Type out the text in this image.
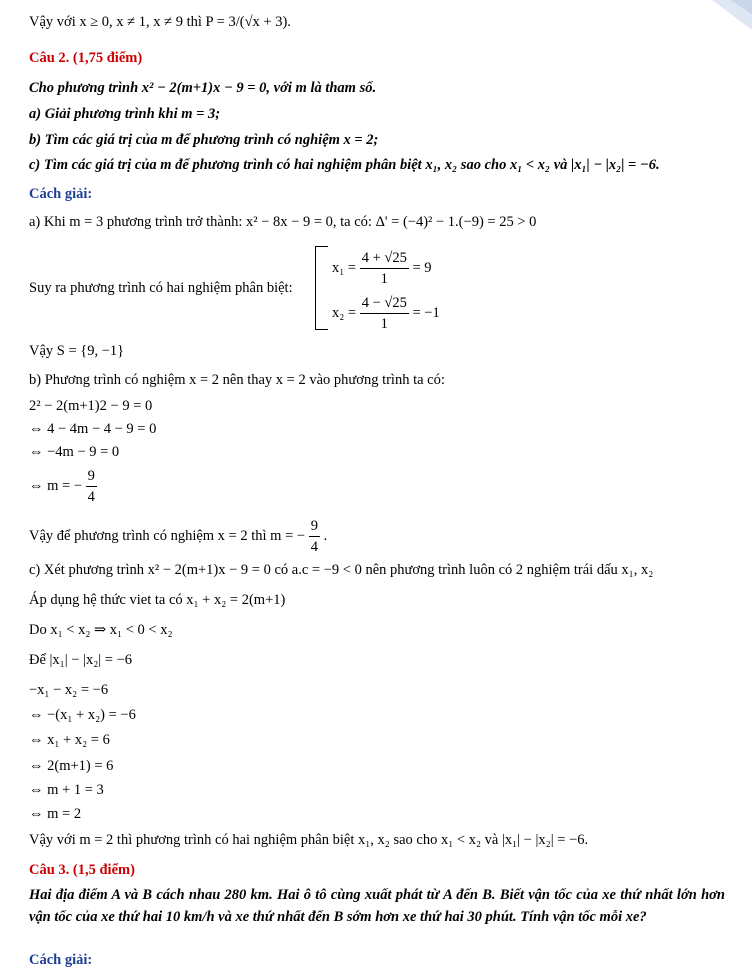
Vậy với x ≥ 0, x ≠ 1, x ≠ 9 thì P = 3/(√x + 3).
Câu 2. (1,75 điểm)
Cho phương trình x² − 2(m+1)x − 9 = 0, với m là tham số.
a) Giải phương trình khi m = 3;
b) Tìm các giá trị của m để phương trình có nghiệm x = 2;
c) Tìm các giá trị của m để phương trình có hai nghiệm phân biệt x₁, x₂ sao cho x₁ < x₂ và |x₁| − |x₂| = −6.
Cách giải:
a) Khi m = 3 phương trình trở thành: x² − 8x − 9 = 0, ta có: Δ' = (−4)² − 1.(−9) = 25 > 0
Suy ra phương trình có hai nghiệm phân biệt:
$x_1 = \frac{4 + √25}{1} = 9$
$x_2 = \frac{4 - √25}{1} = -1$
Vậy S = {9, −1}
b) Phương trình có nghiệm x = 2 nên thay x = 2 vào phương trình ta có:
2² − 2(m+1)2 − 9 = 0
⇔ 4 − 4m − 4 − 9 = 0
⇔ −4m − 9 = 0
⇔ m = − $\frac{9}{4}$
Vậy để phương trình có nghiệm x = 2 thì m = − $\frac{9}{4}$ .
c) Xét phương trình x² − 2(m+1)x − 9 = 0 có a.c = −9 < 0 nên phương trình luôn có 2 nghiệm trái dấu x₁, x₂
Áp dụng hệ thức viet ta có x₁ + x₂ = 2(m+1)
Do x₁ < x₂ ⇒ x₁ < 0 < x₂
Để |x₁| − |x₂| = −6
−x₁ − x₂ = −6
⇔ −(x₁ + x₂) = −6
⇔ x₁ + x₂ = 6
⇔ 2(m+1) = 6
⇔ m + 1 = 3
⇔ m = 2
Vậy với m = 2 thì phương trình có hai nghiệm phân biệt x₁, x₂ sao cho x₁ < x₂ và |x₁| − |x₂| = −6.
Câu 3. (1,5 điểm)
Hai địa điểm A và B cách nhau 280 km. Hai ô tô cùng xuất phát từ A đến B. Biết vận tốc của xe thứ nhất lớn hơn vận tốc của xe thứ hai 10 km/h và xe thứ nhất đến B sớm hơn xe thứ hai 30 phút. Tính vận tốc mỗi xe?
Cách giải:
